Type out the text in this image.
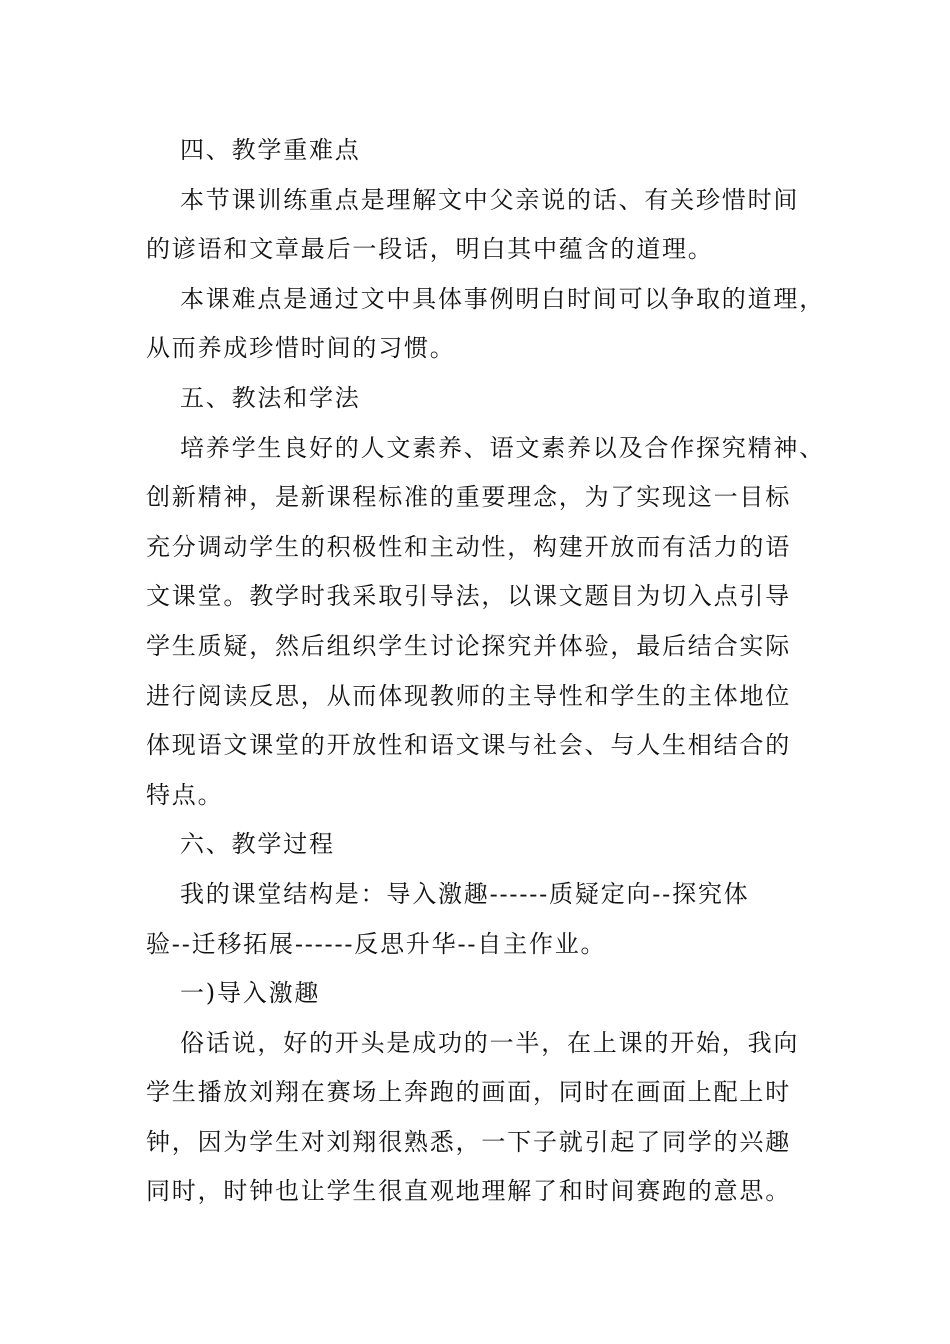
四、教学重难点
本节课训练重点是理解文中父亲说的话、有关珍惜时间
的谚语和文章最后一段话，明白其中蕴含的道理。
本课难点是通过文中具体事例明白时间可以争取的道理，
从而养成珍惜时间的习惯。
五、教法和学法
培养学生良好的人文素养、语文素养以及合作探究精神、
创新精神，是新课程标准的重要理念，为了实现这一目标
充分调动学生的积极性和主动性，构建开放而有活力的语
文课堂。教学时我采取引导法，以课文题目为切入点引导
学生质疑，然后组织学生讨论探究并体验，最后结合实际
进行阅读反思，从而体现教师的主导性和学生的主体地位
体现语文课堂的开放性和语文课与社会、与人生相结合的
特点。
六、教学过程
我的课堂结构是：导入激趣------质疑定向--探究体
验--迁移拓展------反思升华--自主作业。
一)导入激趣
俗话说，好的开头是成功的一半，在上课的开始，我向
学生播放刘翔在赛场上奔跑的画面，同时在画面上配上时
钟，因为学生对刘翔很熟悉，一下子就引起了同学的兴趣
同时，时钟也让学生很直观地理解了和时间赛跑的意思。
